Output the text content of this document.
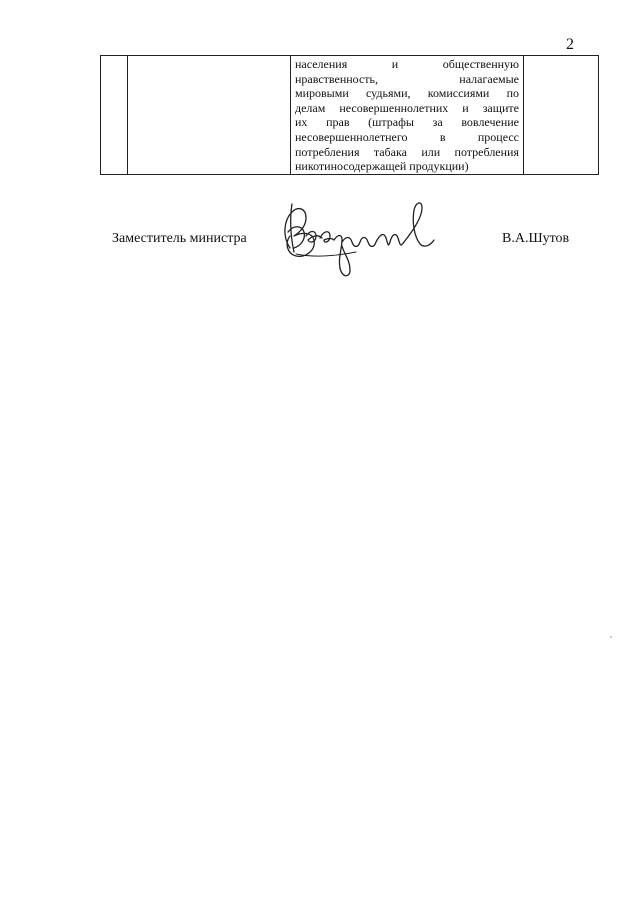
2

населения и общественную
нравственность, налагаемые
мировыми судьями, комиссиями по
делам несовершеннолетних и защите
их прав (штрафы за вовлечение
несовершеннолетнего в процесс
потребления табака или потребления
никотиносодержащей продукции)

Заместитель министра	В.А.Шутов
